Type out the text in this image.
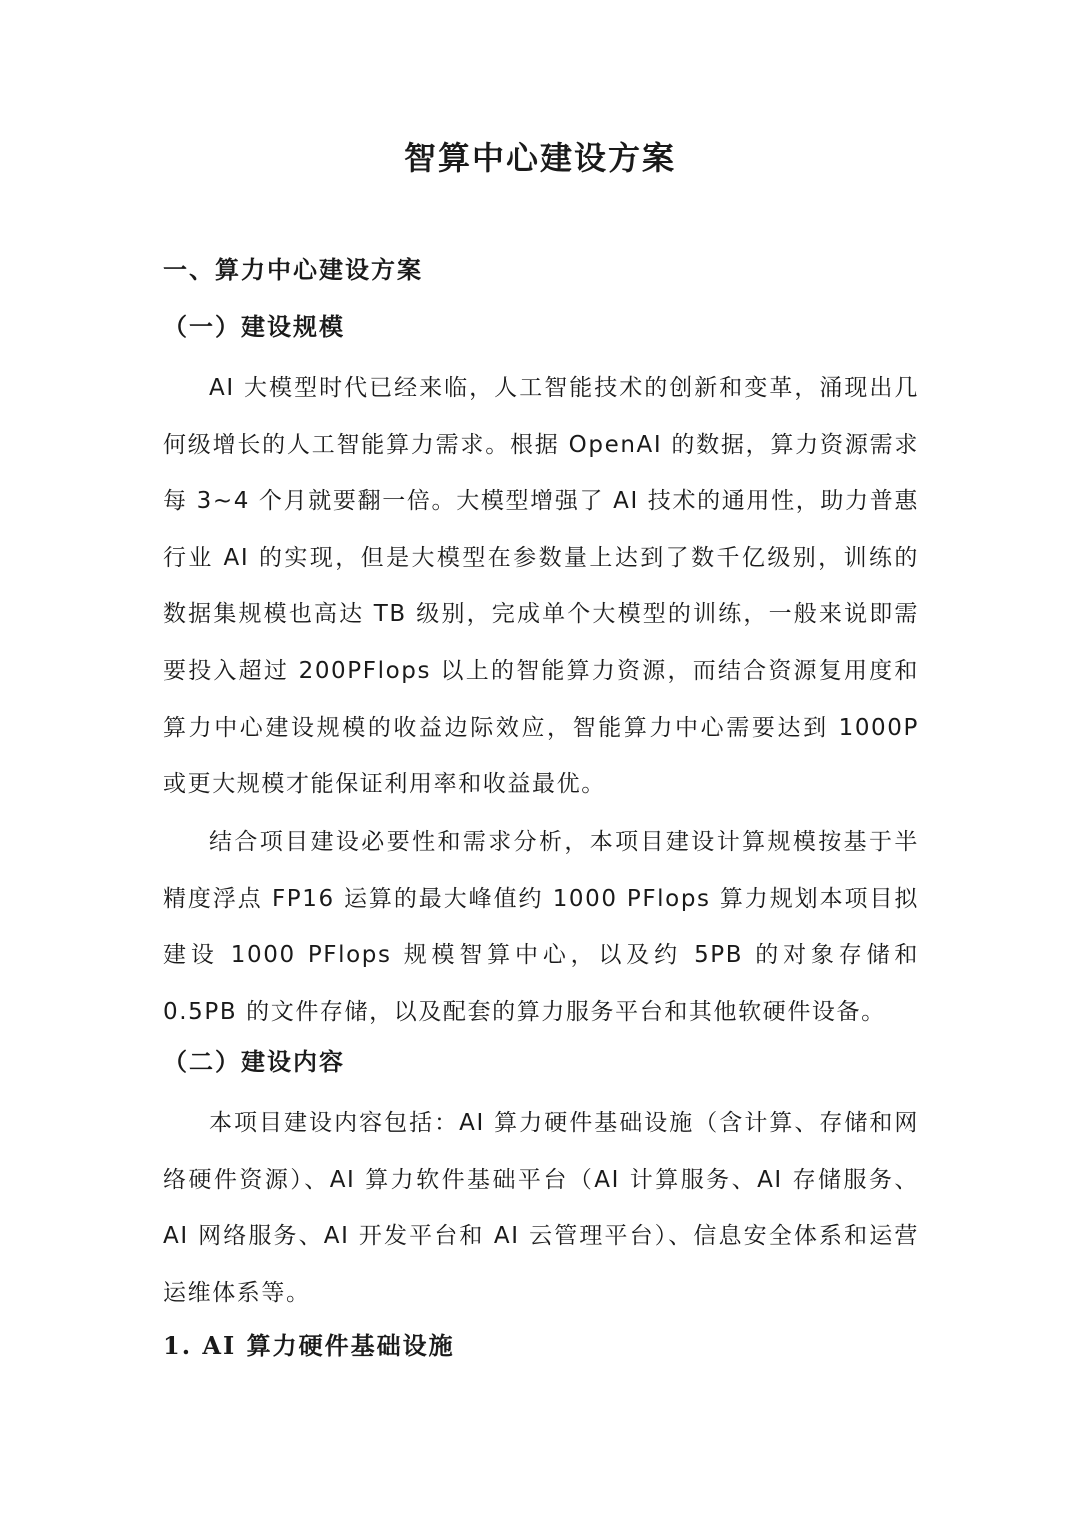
智算中心建设方案
一、算力中心建设方案
（一）建设规模

AI 大模型时代已经来临，人工智能技术的创新和变革，涌现出几何级增长的人工智能算力需求。根据 OpenAI 的数据，算力资源需求每 3~4 个月就要翻一倍。大模型增强了 AI 技术的通用性，助力普惠行业 AI 的实现，但是大模型在参数量上达到了数千亿级别，训练的数据集规模也高达 TB 级别，完成单个大模型的训练，一般来说即需要投入超过 200PFlops 以上的智能算力资源，而结合资源复用度和算力中心建设规模的收益边际效应，智能算力中心需要达到 1000P 或更大规模才能保证利用率和收益最优。

结合项目建设必要性和需求分析，本项目建设计算规模按基于半精度浮点 FP16 运算的最大峰值约 1000 PFlops 算力规划本项目拟建设 1000 PFlops 规模智算中心，以及约 5PB 的对象存储和 0.5PB 的文件存储，以及配套的算力服务平台和其他软硬件设备。

（二）建设内容

本项目建设内容包括：AI 算力硬件基础设施（含计算、存储和网络硬件资源）、AI 算力软件基础平台（AI 计算服务、AI 存储服务、AI 网络服务、AI 开发平台和 AI 云管理平台）、信息安全体系和运营运维体系等。

1. AI 算力硬件基础设施
